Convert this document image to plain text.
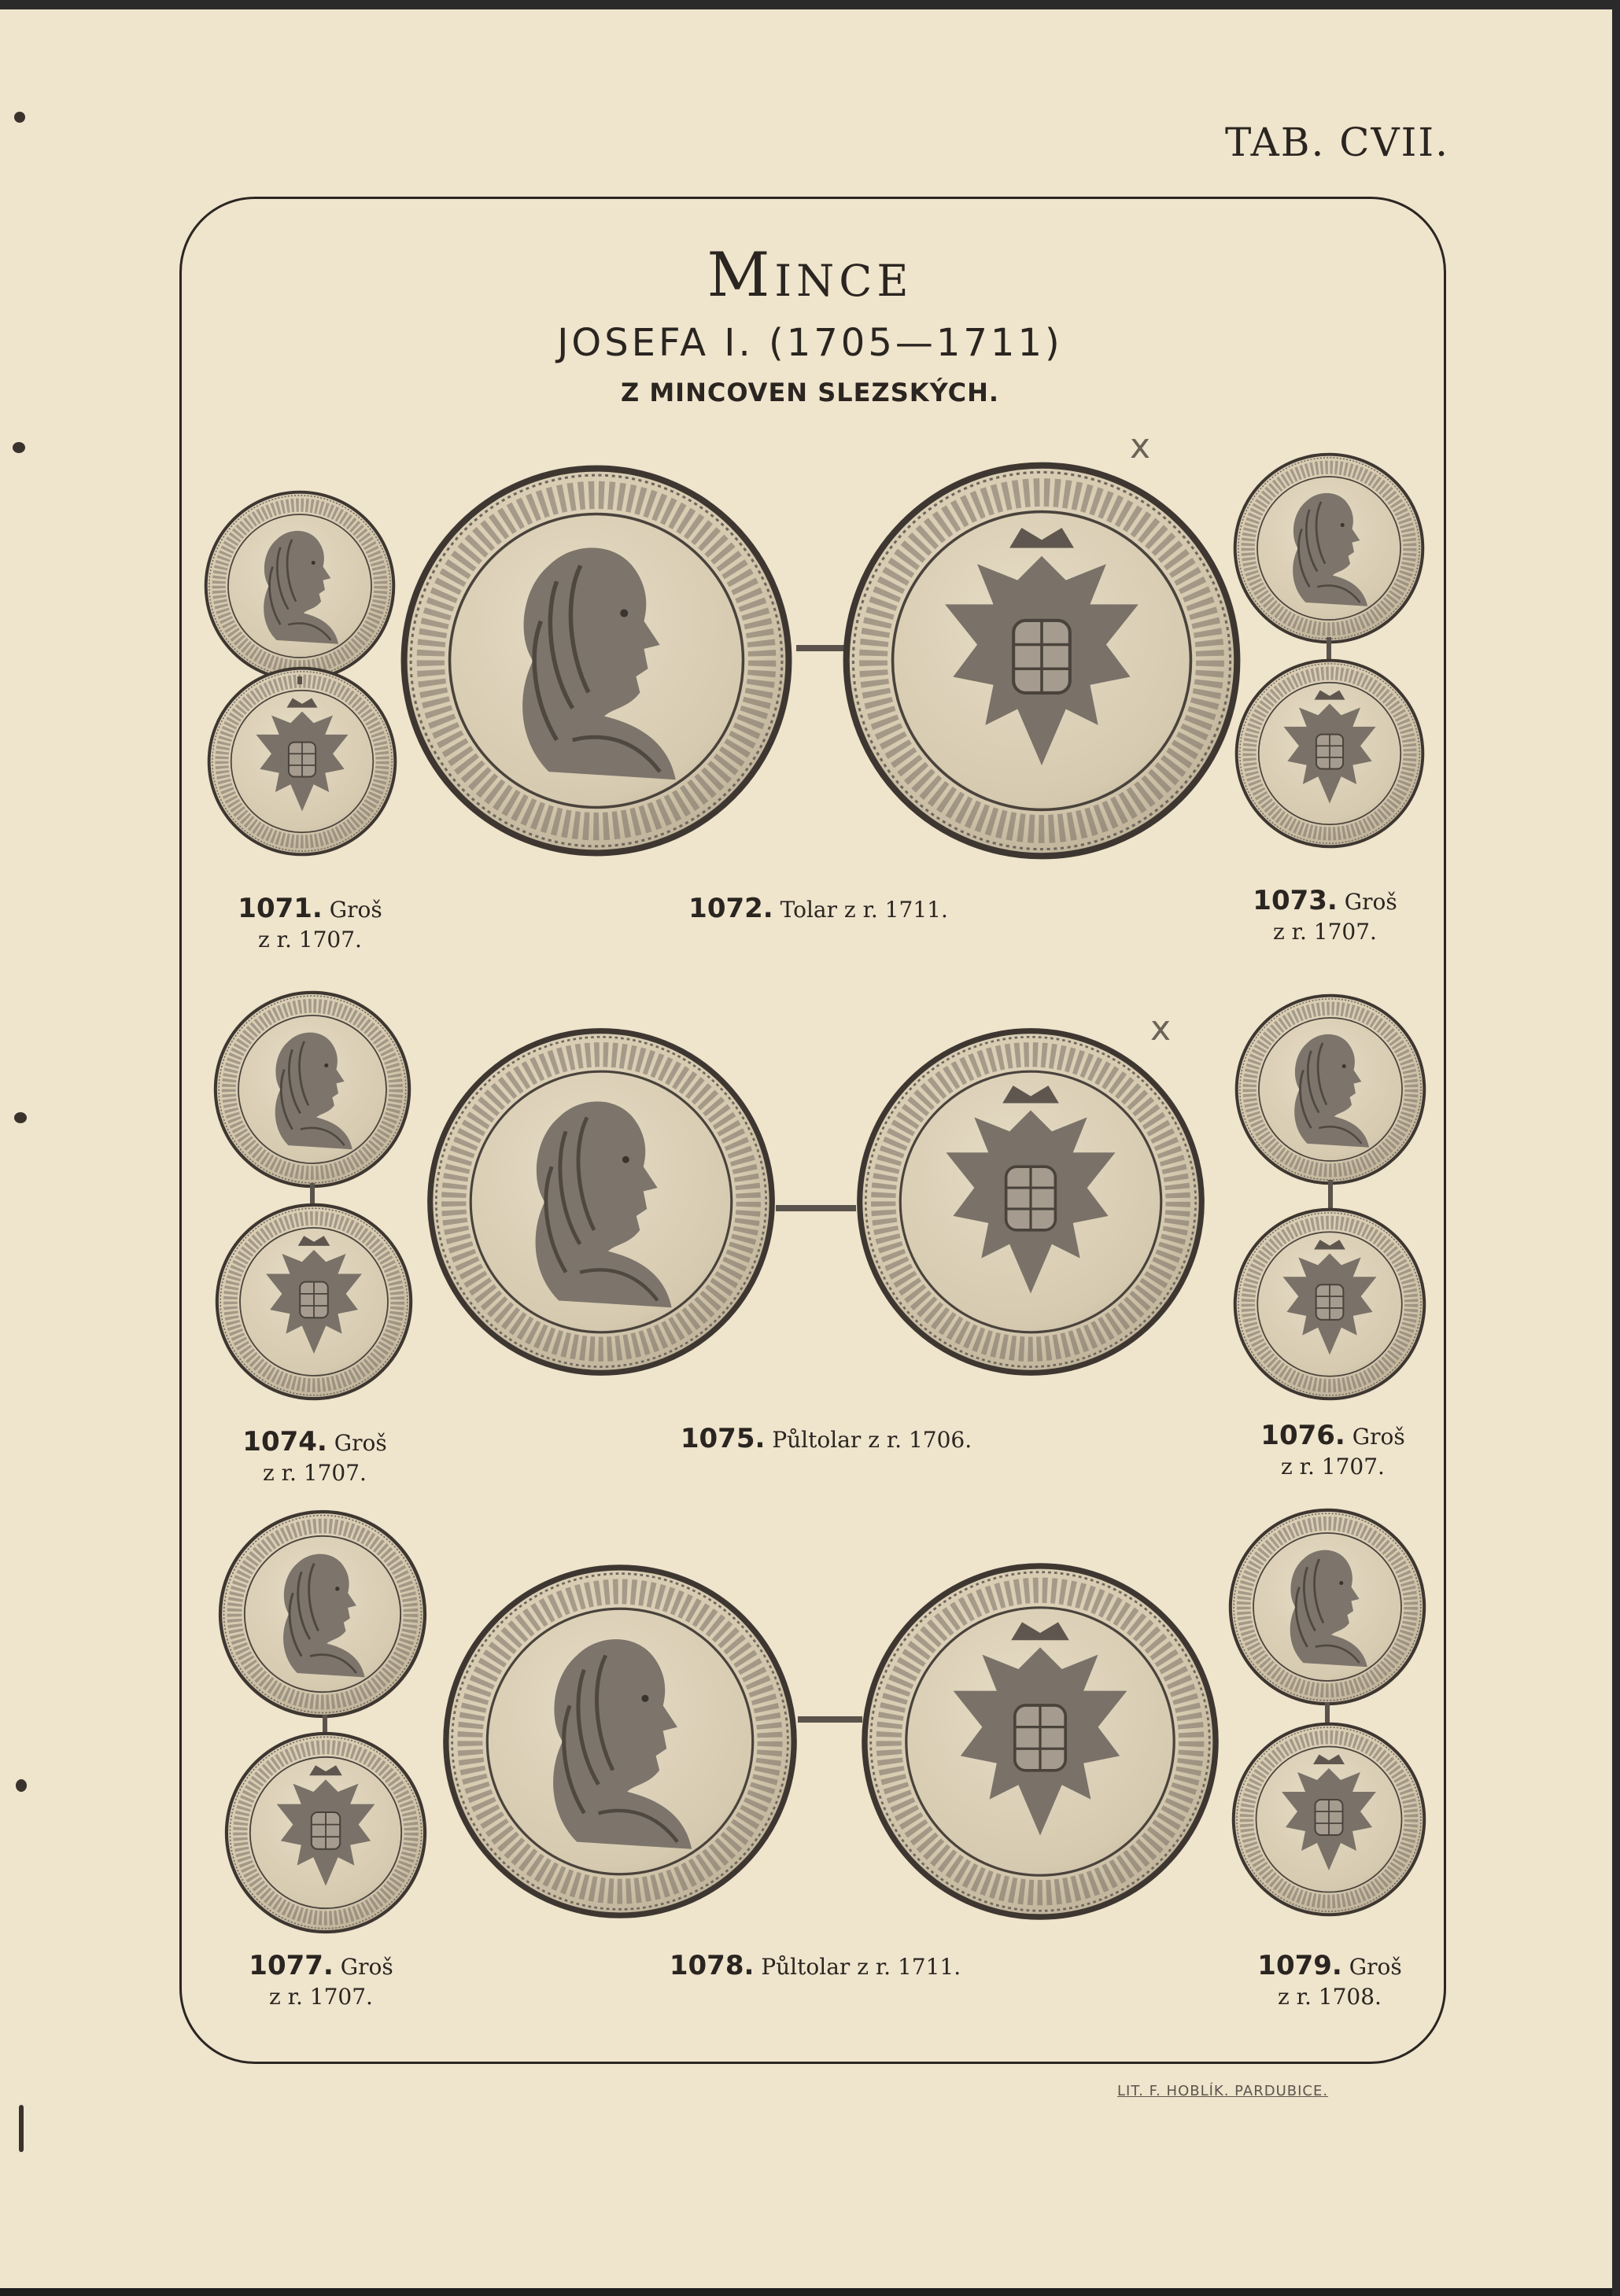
TAB. CVII.
Mince
JOSEFA I. (1705—1711)
Z MINCOVEN SLEZSKÝCH.
x
x
1071. Groš
z r. 1707.
1072. Tolar z r. 1711.	1073. Groš
z r. 1707.
1074. Groš
z r. 1707.
1075. Půltolar z r. 1706.	1076. Groš
z r. 1707.
1077. Groš
z r. 1707.
1078. Půltolar z r. 1711.	1079. Groš
z r. 1708.
LIT. F. HOBLÍK. PARDUBICE.
